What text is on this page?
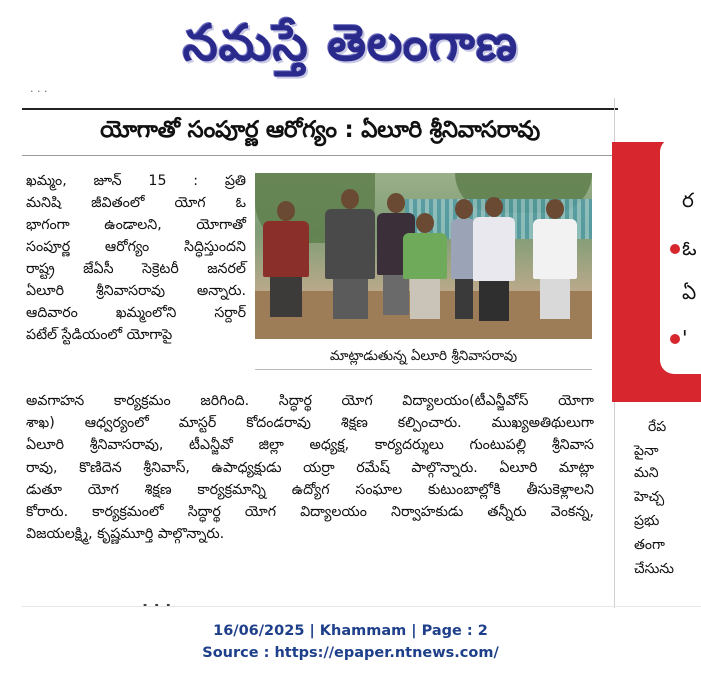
నమస్తే తెలంగాణ
· · ·
యోగాతో సంపూర్ణ ఆరోగ్యం : ఏలూరి శ్రీనివాసరావు

ఖమ్మం, జూన్ 15 : ప్రతి

మనిషి జీవితంలో యోగ ఓ

భాగంగా ఉండాలని, యోగాతో

సంపూర్ణ ఆరోగ్యం సిద్ధిస్తుందని

రాష్ట్ర జేఏసీ సెక్రెటరీ జనరల్

ఏలూరి శ్రీనివాసరావు అన్నారు.

ఆదివారం ఖమ్మంలోని సర్దార్

పటేల్ స్టేడియంలో యోగాపై

మాట్లాడుతున్న ఏలూరి శ్రీనివాసరావు

అవగాహన కార్యక్రమం జరిగింది. సిద్ధార్థ యోగ విద్యాలయం(టీఎన్జీవోస్ యోగా

శాఖ) ఆధ్వర్యంలో మాస్టర్ కోదండరావు శిక్షణ కల్పించారు. ముఖ్యఅతిథులుగా

ఏలూరి శ్రీనివాసరావు, టీఎన్జీవో జిల్లా అధ్యక్ష, కార్యదర్శులు గుంటుపల్లి శ్రీనివాస

రావు, కొణిదెన శ్రీనివాస్, ఉపాధ్యక్షుడు యర్రా రమేష్ పాల్గొన్నారు. ఏలూరి మాట్లా

డుతూ యోగ శిక్షణ కార్యక్రమాన్ని ఉద్యోగ సంఘాల కుటుంబాల్లోకి తీసుకెళ్లాలని

కోరారు. కార్యక్రమంలో సిద్ధార్థ యోగ విద్యాలయం నిర్వాహకుడు తన్నీరు వెంకన్న,

విజయలక్ష్మి, కృష్ణమూర్తి పాల్గొన్నారు.

· · ·
ర
ఓ
ఏ
'
రేప
పైనా
మని
హెచ్చ
ప్రభు
తంగా
చేసును
16/06/2025 | Khammam | Page : 2
Source : https://epaper.ntnews.com/
